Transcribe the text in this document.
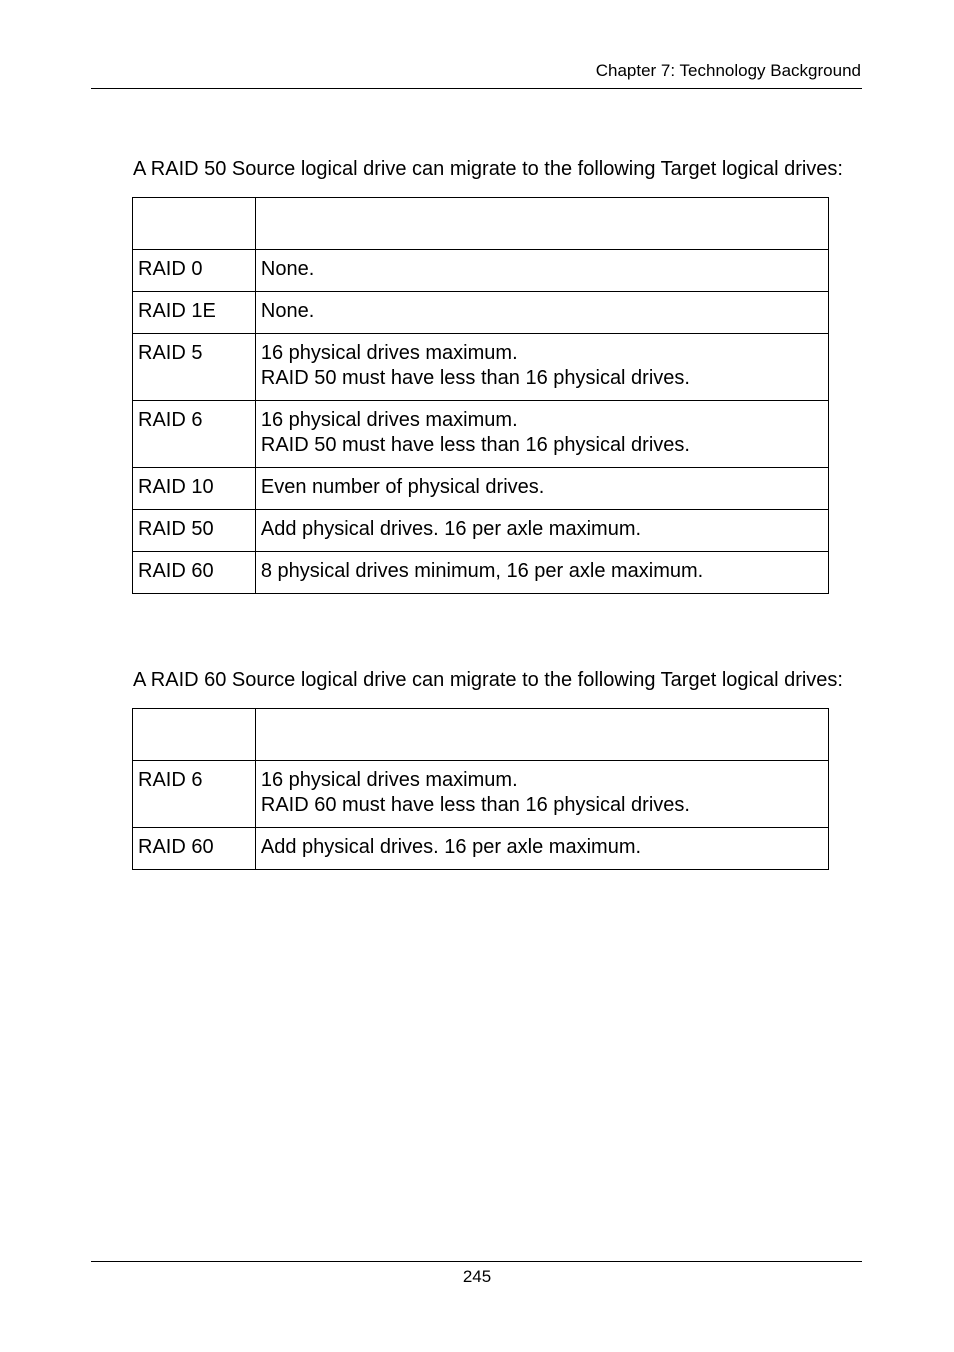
Chapter 7: Technology Background

A RAID 50 Source logical drive can migrate to the following Target logical drives:

RAID 0	None.

RAID 1E	None.

RAID 5	16 physical drives maximum.
RAID 50 must have less than 16 physical drives.

RAID 6	16 physical drives maximum.
RAID 50 must have less than 16 physical drives.

RAID 10	Even number of physical drives.

RAID 50	Add physical drives. 16 per axle maximum.

RAID 60	8 physical drives minimum, 16 per axle maximum.

A RAID 60 Source logical drive can migrate to the following Target logical drives:

RAID 6	16 physical drives maximum.
RAID 60 must have less than 16 physical drives.

RAID 60	Add physical drives. 16 per axle maximum.
245
